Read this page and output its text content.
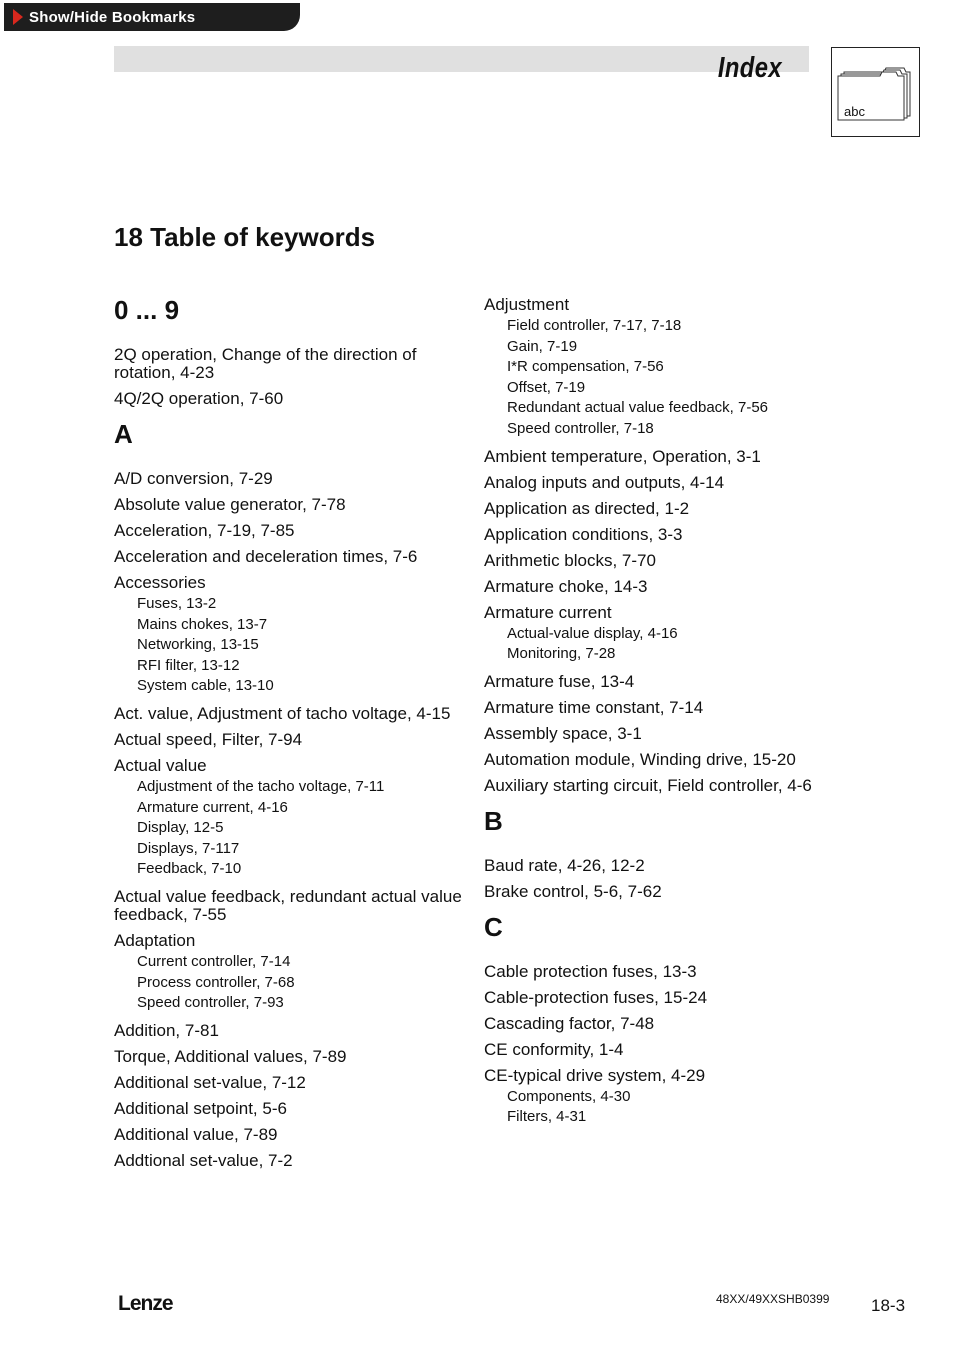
Show/Hide Bookmarks
Index
abc
18 Table of keywords
0 ... 9
2Q operation, Change of the direction of rotation, 4-23
4Q/2Q operation, 7-60
A
A/D conversion, 7-29
Absolute value generator, 7-78
Acceleration, 7-19, 7-85
Acceleration and deceleration times, 7-6
Accessories
Fuses, 13-2
Mains chokes, 13-7
Networking, 13-15
RFI filter, 13-12
System cable, 13-10
Act. value, Adjustment of tacho voltage, 4-15
Actual speed, Filter, 7-94
Actual value
Adjustment of the tacho voltage, 7-11
Armature current, 4-16
Display, 12-5
Displays, 7-117
Feedback, 7-10
Actual value feedback, redundant actual value feedback, 7-55
Adaptation
Current controller, 7-14
Process controller, 7-68
Speed controller, 7-93
Addition, 7-81
Torque, Additional values, 7-89
Additional set-value, 7-12
Additional setpoint, 5-6
Additional value, 7-89
Addtional set-value, 7-2
Adjustment
Field controller, 7-17, 7-18
Gain, 7-19
I*R compensation, 7-56
Offset, 7-19
Redundant actual value feedback, 7-56
Speed controller, 7-18
Ambient temperature, Operation, 3-1
Analog inputs and outputs, 4-14
Application as directed, 1-2
Application conditions, 3-3
Arithmetic blocks, 7-70
Armature choke, 14-3
Armature current
Actual-value display, 4-16
Monitoring, 7-28
Armature fuse, 13-4
Armature time constant, 7-14
Assembly space, 3-1
Automation module, Winding drive, 15-20
Auxiliary starting circuit, Field controller, 4-6
B
Baud rate, 4-26, 12-2
Brake control, 5-6, 7-62
C
Cable protection fuses, 13-3
Cable-protection fuses, 15-24
Cascading factor, 7-48
CE conformity, 1-4
CE-typical drive system, 4-29
Components, 4-30
Filters, 4-31
Lenze	48XX/49XXSHB0399 18-3
